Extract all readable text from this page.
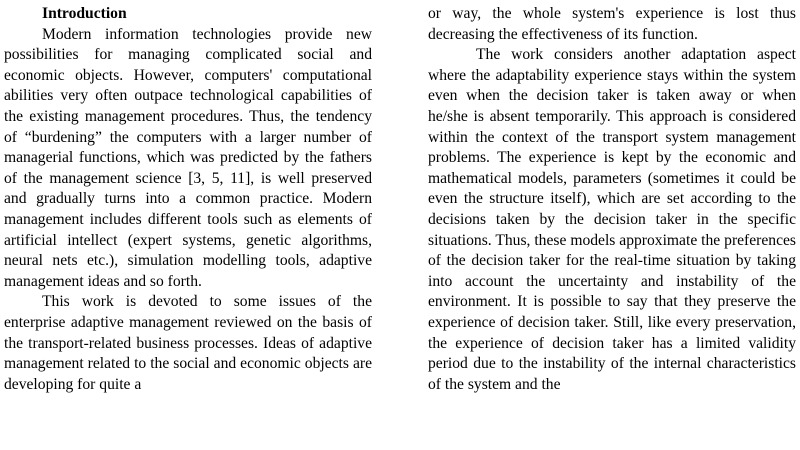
Introduction

Modern information technologies provide new possibilities for managing complicated social and economic objects. However, computers' computational abilities very often outpace technological capabilities of the existing management procedures. Thus, the tendency of “burdening” the computers with a larger number of managerial functions, which was predicted by the fathers of the management science [3, 5, 11], is well preserved and gradually turns into a common practice. Modern management includes different tools such as elements of artificial intellect (expert systems, genetic algorithms, neural nets etc.), simulation modelling tools, adaptive management ideas and so forth.

This work is devoted to some issues of the enterprise adaptive management reviewed on the basis of the transport-related business processes. Ideas of adaptive management related to the social and economic objects are developing for quite a

or way, the whole system's experience is lost thus decreasing the effectiveness of its function.

The work considers another adaptation aspect where the adaptability experience stays within the system even when the decision taker is taken away or when he/she is absent temporarily. This approach is considered within the context of the transport system management problems. The experience is kept by the economic and mathematical models, parameters (sometimes it could be even the structure itself), which are set according to the decisions taken by the decision taker in the specific situations. Thus, these models approximate the preferences of the decision taker for the real-time situation by taking into account the uncertainty and instability of the environment. It is possible to say that they preserve the experience of decision taker. Still, like every preservation, the experience of decision taker has a limited validity period due to the instability of the internal characteristics of the system and the
